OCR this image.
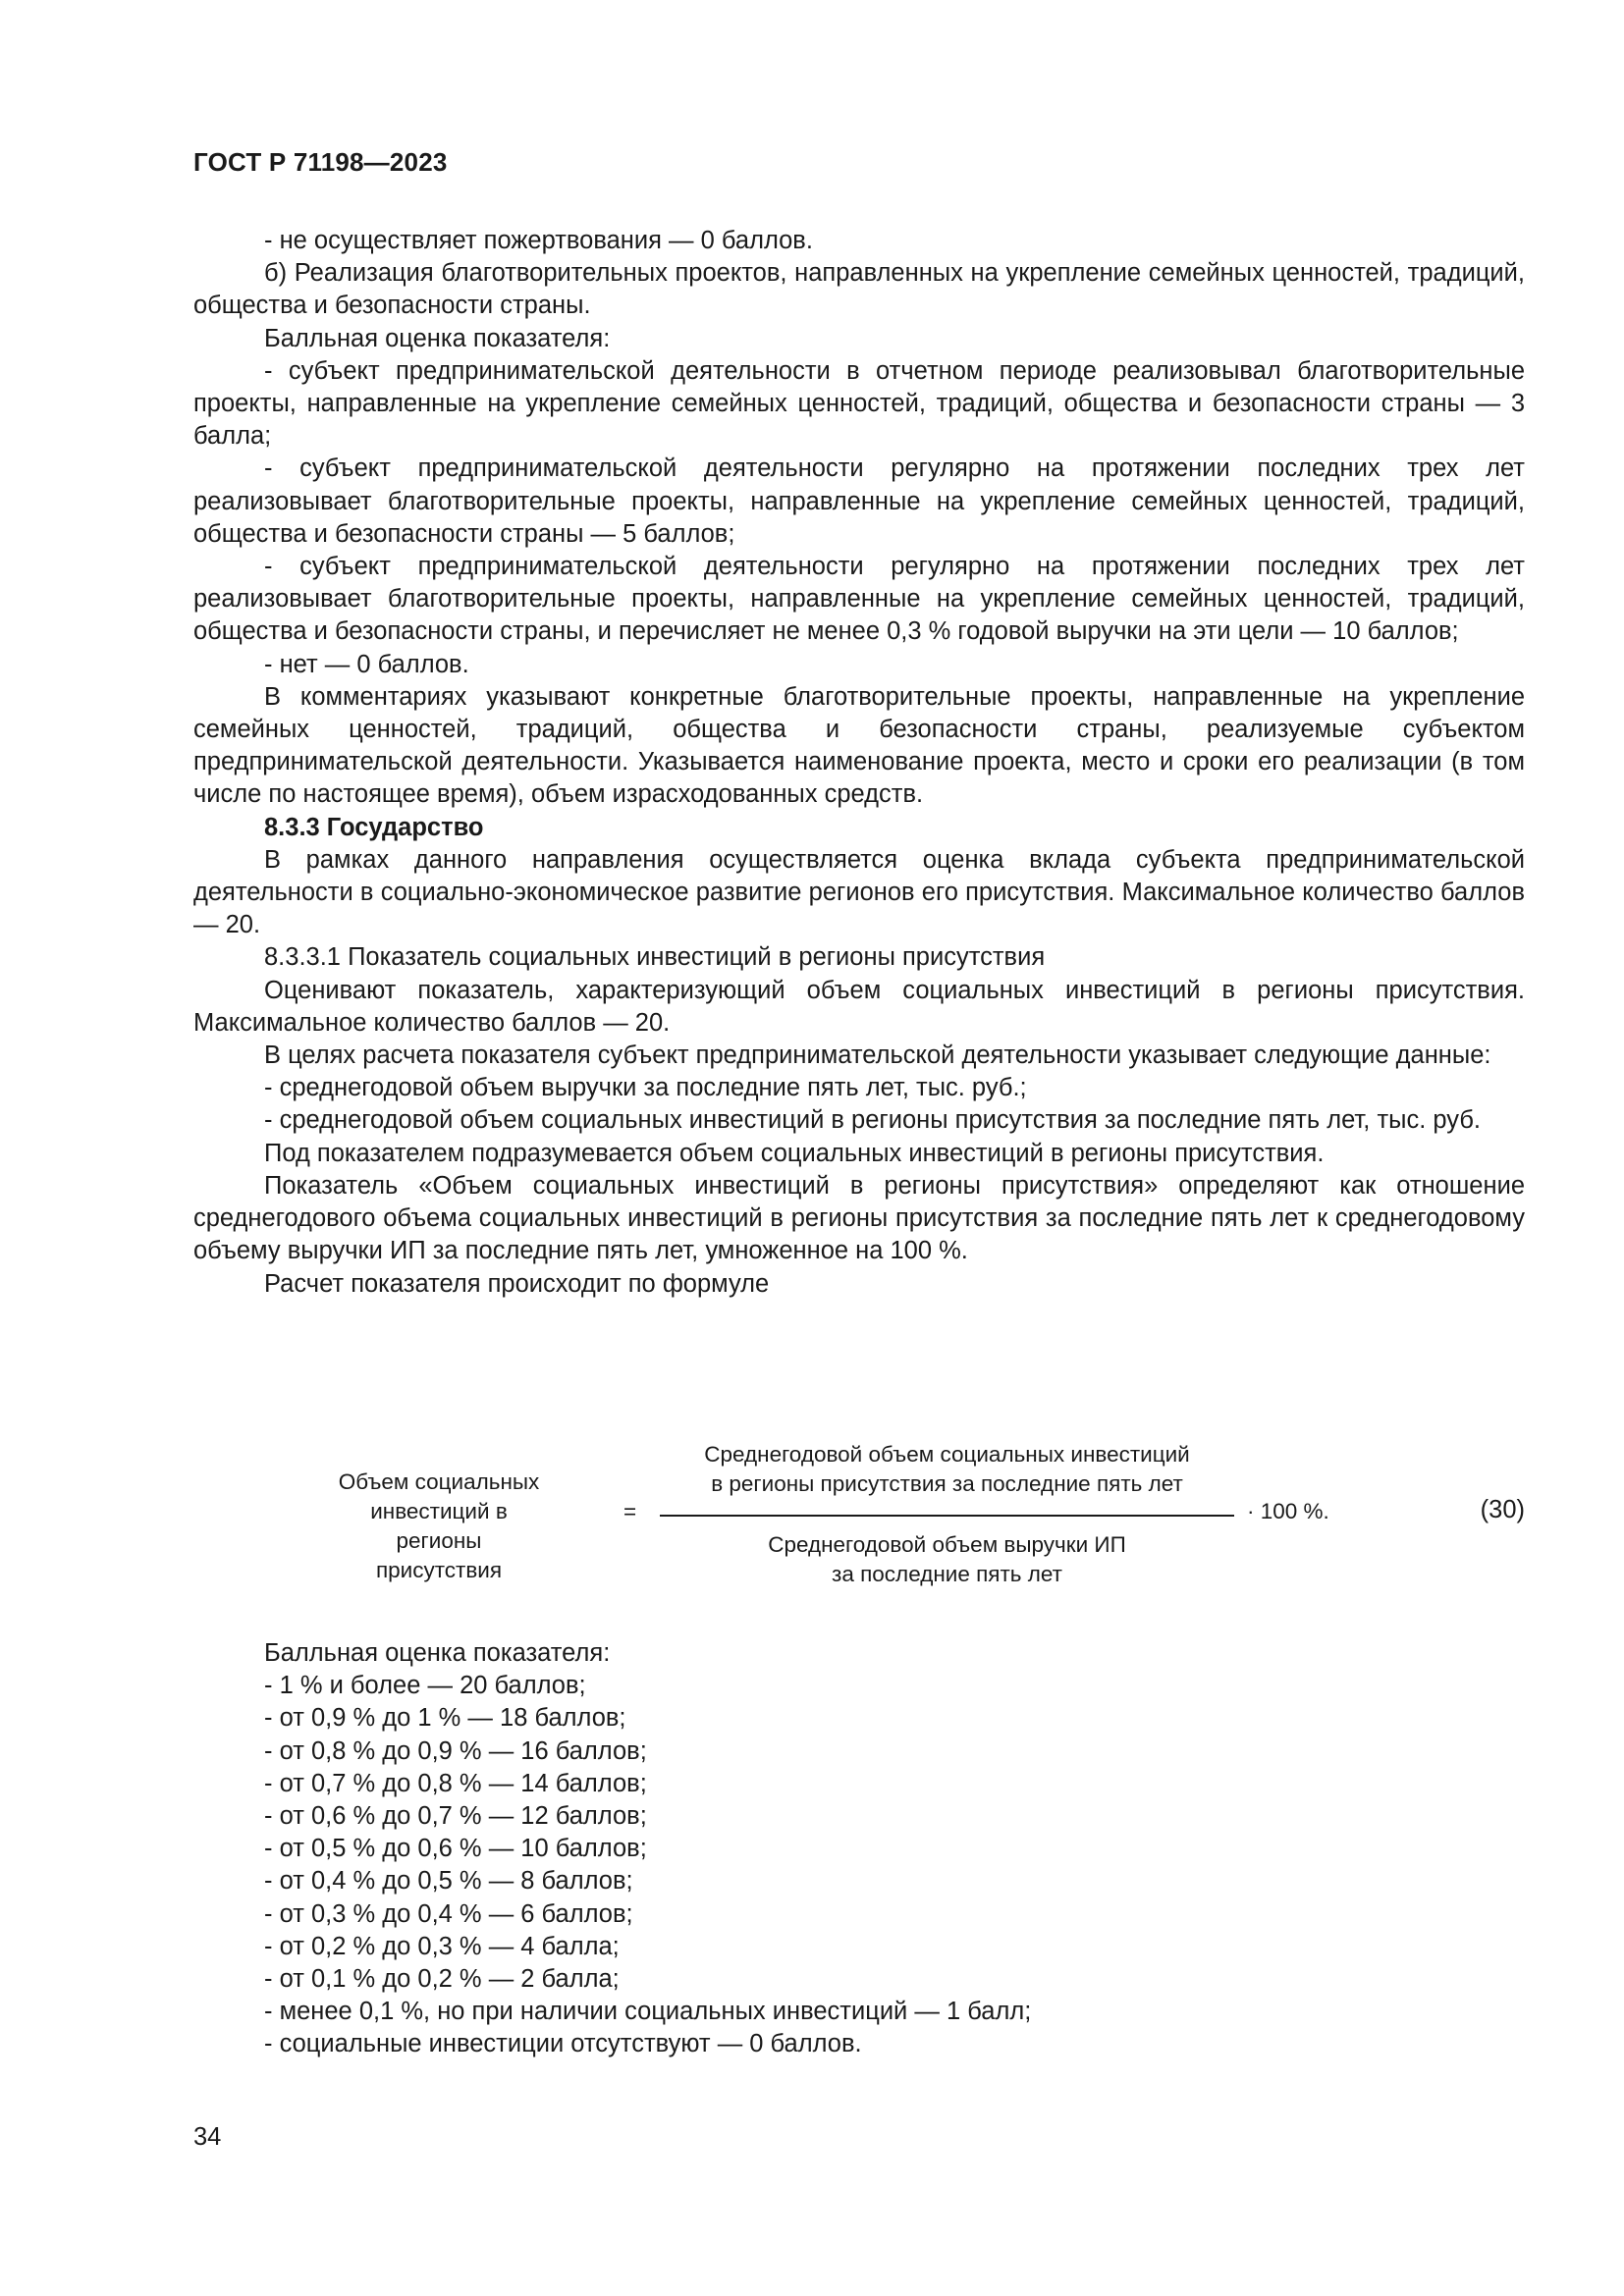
ГОСТ Р 71198—2023

- не осуществляет пожертвования — 0 баллов.

б) Реализация благотворительных проектов, направленных на укрепление семейных ценностей, традиций, общества и безопасности страны.

Балльная оценка показателя:

- субъект предпринимательской деятельности в отчетном периоде реализовывал благотворительные проекты, направленные на укрепление семейных ценностей, традиций, общества и безопасности страны — 3 балла;

- субъект предпринимательской деятельности регулярно на протяжении последних трех лет реализовывает благотворительные проекты, направленные на укрепление семейных ценностей, традиций, общества и безопасности страны — 5 баллов;

- субъект предпринимательской деятельности регулярно на протяжении последних трех лет реализовывает благотворительные проекты, направленные на укрепление семейных ценностей, традиций, общества и безопасности страны, и перечисляет не менее 0,3 % годовой выручки на эти цели — 10 баллов;

- нет — 0 баллов.

В комментариях указывают конкретные благотворительные проекты, направленные на укрепление семейных ценностей, традиций, общества и безопасности страны, реализуемые субъектом предпринимательской деятельности. Указывается наименование проекта, место и сроки его реализации (в том числе по настоящее время), объем израсходованных средств.

8.3.3 Государство

В рамках данного направления осуществляется оценка вклада субъекта предпринимательской деятельности в социально-экономическое развитие регионов его присутствия. Максимальное количество баллов — 20.

8.3.3.1 Показатель социальных инвестиций в регионы присутствия

Оценивают показатель, характеризующий объем социальных инвестиций в регионы присутствия. Максимальное количество баллов — 20.

В целях расчета показателя субъект предпринимательской деятельности указывает следующие данные:

- среднегодовой объем выручки за последние пять лет, тыс. руб.;

- среднегодовой объем социальных инвестиций в регионы присутствия за последние пять лет, тыс. руб.

Под показателем подразумевается объем социальных инвестиций в регионы присутствия.

Показатель «Объем социальных инвестиций в регионы присутствия» определяют как отношение среднегодового объема социальных инвестиций в регионы присутствия за последние пять лет к среднегодовому объему выручки ИП за последние пять лет, умноженное на 100 %.

Расчет показателя происходит по формуле

Объем социальных
инвестиций в регионы
присутствия
=
Среднегодовой объем социальных инвестиций
в регионы присутствия за последние пять лет
Среднегодовой объем выручки ИП
за последние пять лет
· 100 %.	(30)

Балльная оценка показателя:

- 1 % и более — 20 баллов;

- от 0,9 % до 1 % — 18 баллов;

- от 0,8 % до 0,9 % — 16 баллов;

- от 0,7 % до 0,8 % — 14 баллов;

- от 0,6 % до 0,7 % — 12 баллов;

- от 0,5 % до 0,6 % — 10 баллов;

- от 0,4 % до 0,5 % — 8 баллов;

- от 0,3 % до 0,4 % — 6 баллов;

- от 0,2 % до 0,3 % — 4 балла;

- от 0,1 % до 0,2 % — 2 балла;

- менее 0,1 %, но при наличии социальных инвестиций — 1 балл;

- социальные инвестиции отсутствуют — 0 баллов.

34
